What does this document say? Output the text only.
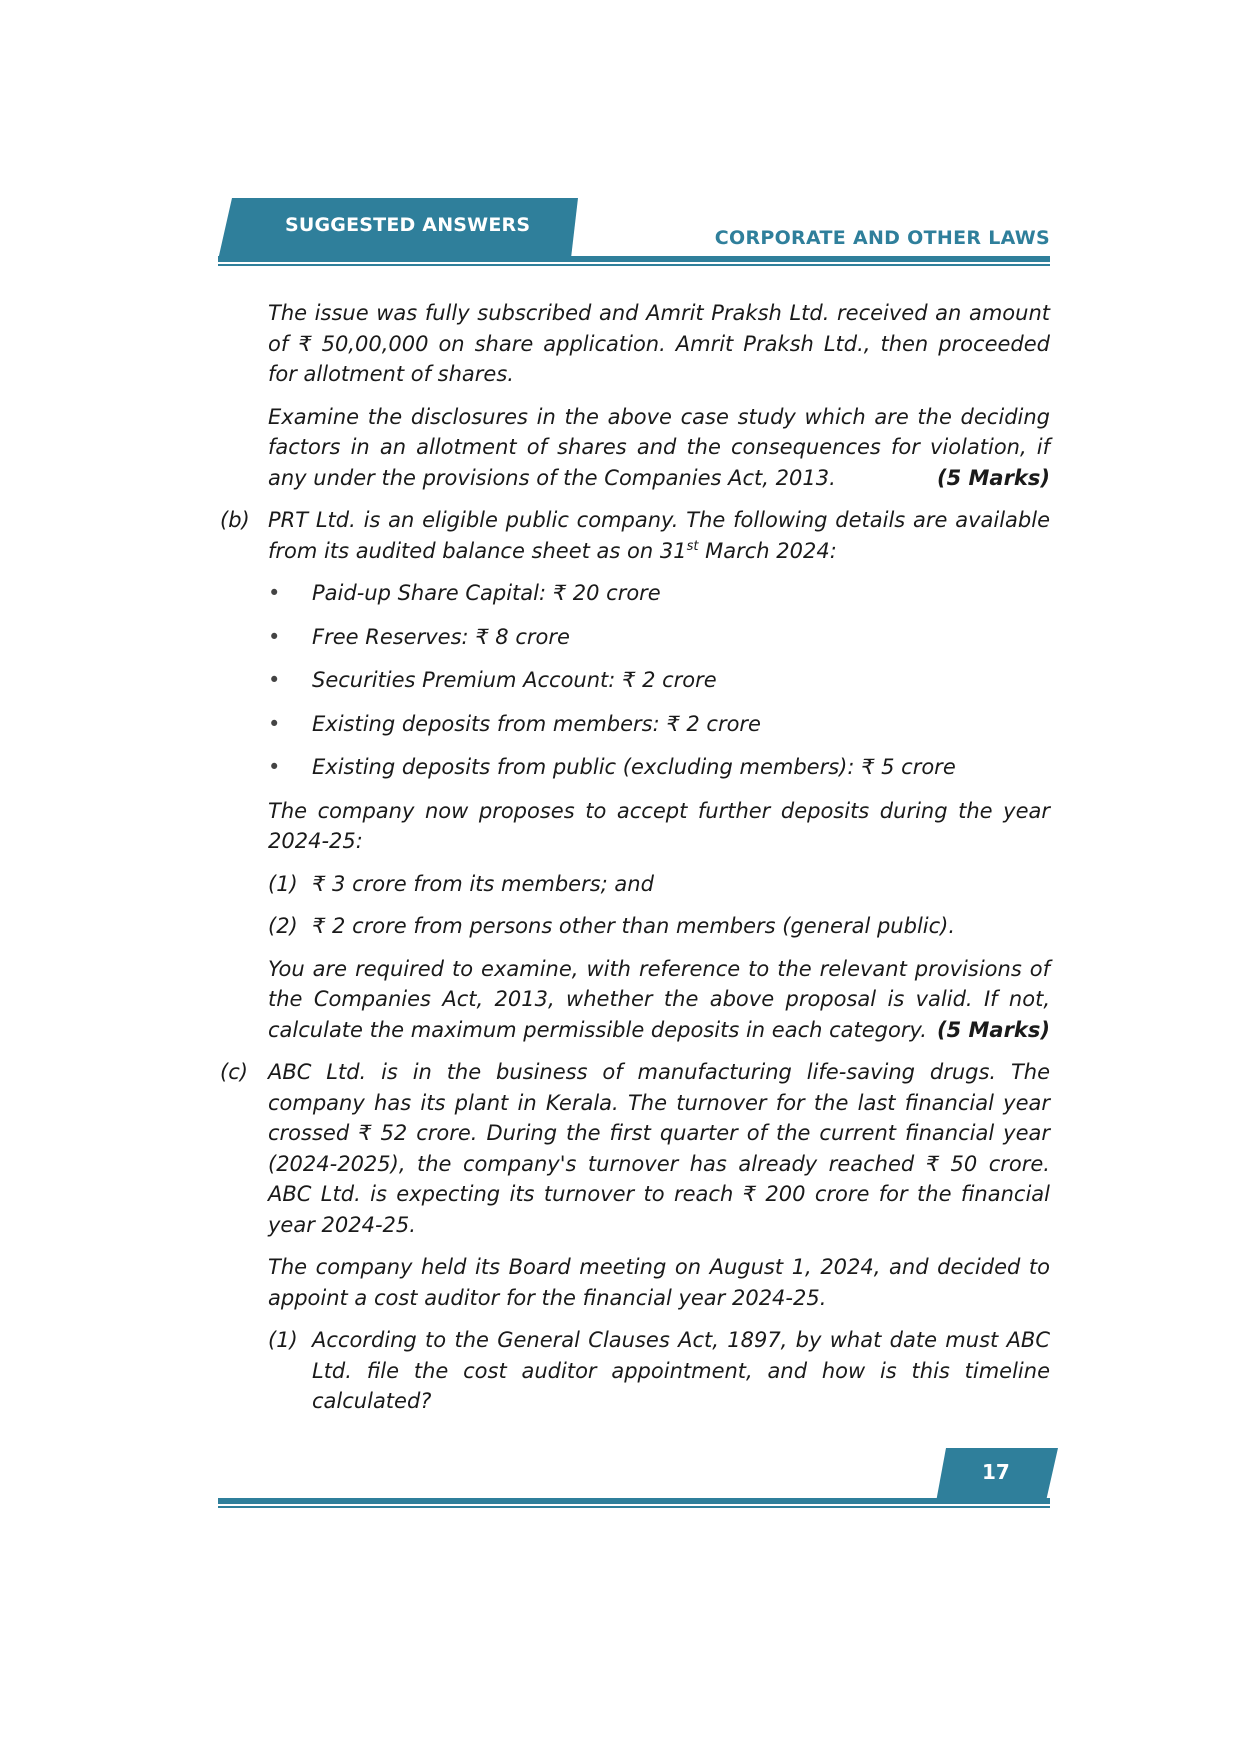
SUGGESTED ANSWERS
CORPORATE AND OTHER LAWS

The issue was fully subscribed and Amrit Praksh Ltd. received an amount of ₹ 50,00,000 on share application. Amrit Praksh Ltd., then proceeded for allotment of shares.

Examine the disclosures in the above case study which are the deciding factors in an allotment of shares and the consequences for violation, if any under the provisions of the Companies Act, 2013.	(5 Marks)

(b) PRT Ltd. is an eligible public company. The following details are available from its audited balance sheet as on 31st March 2024:
• Paid-up Share Capital: ₹ 20 crore
• Free Reserves: ₹ 8 crore
• Securities Premium Account: ₹ 2 crore
• Existing deposits from members: ₹ 2 crore
• Existing deposits from public (excluding members): ₹ 5 crore

The company now proposes to accept further deposits during the year 2024-25:

(1) ₹ 3 crore from its members; and
(2) ₹ 2 crore from persons other than members (general public).

You are required to examine, with reference to the relevant provisions of the Companies Act, 2013, whether the above proposal is valid. If not, calculate the maximum permissible deposits in each category. (5 Marks)

(c) ABC Ltd. is in the business of manufacturing life-saving drugs. The company has its plant in Kerala. The turnover for the last financial year crossed ₹ 52 crore. During the first quarter of the current financial year (2024-2025), the company's turnover has already reached ₹ 50 crore. ABC Ltd. is expecting its turnover to reach ₹ 200 crore for the financial year 2024-25.

The company held its Board meeting on August 1, 2024, and decided to appoint a cost auditor for the financial year 2024-25.

(1) According to the General Clauses Act, 1897, by what date must ABC Ltd. file the cost auditor appointment, and how is this timeline calculated?
17
